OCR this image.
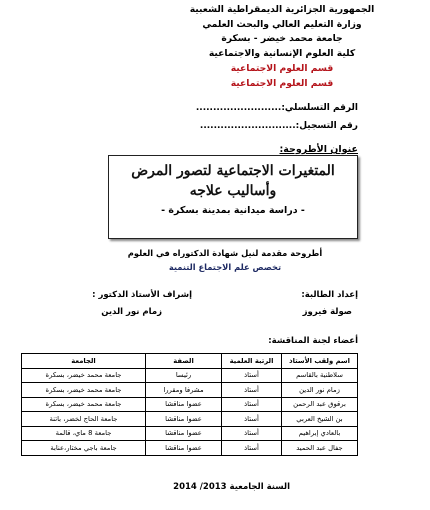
الجمهورية الجزائرية الديمقراطية الشعبية
وزارة التعليم العالي والبحث العلمي
جامعة محمد خيضر - بسكرة
كلية العلوم الإنسانية والاجتماعية
قسم العلوم الاجتماعية
قسم العلوم الاجتماعية
الرقم التسلسلي:.........................
رقم التسجيل:............................
عنوان الأطروحة:
المتغيرات الاجتماعية لتصور المرض
وأساليب علاجه
- دراسة ميدانية بمدينة بسكرة -
أطروحة مقدمة لنيل شهادة الدكتوراه في العلوم
تخصص علم الاجتماع التنمية
إعداد الطالبة:
صولة فيروز
إشراف الأستاذ الدكتور :
زمام نور الدين
أعضاء لجنة المناقشة:
اسم ولقب الأستاذ	الرتبة العلمية	الصفة	الجامعة
سلاطنية بالقاسم	أستاذ	رئيسا	جامعة محمد خيضر، بسكرة
زمام نور الدين	أستاذ	مشرفا ومقررا	جامعة محمد خيضر، بسكرة
برقوق عبد الرحمن	أستاذ	عضوا مناقشا	جامعة محمد خيضر، بسكرة
بن الشيخ العربي	أستاذ	عضوا مناقشا	جامعة الحاج لخضر، باتنة
بالعادي إبراهيم	أستاذ	عضوا مناقشا	جامعة 8 ماي، قالمة
جفال عبد الحميد	أستاذ	عضوا مناقشا	جامعة باجي مختار،عنابة
السنة الجامعية 2013/ 2014
